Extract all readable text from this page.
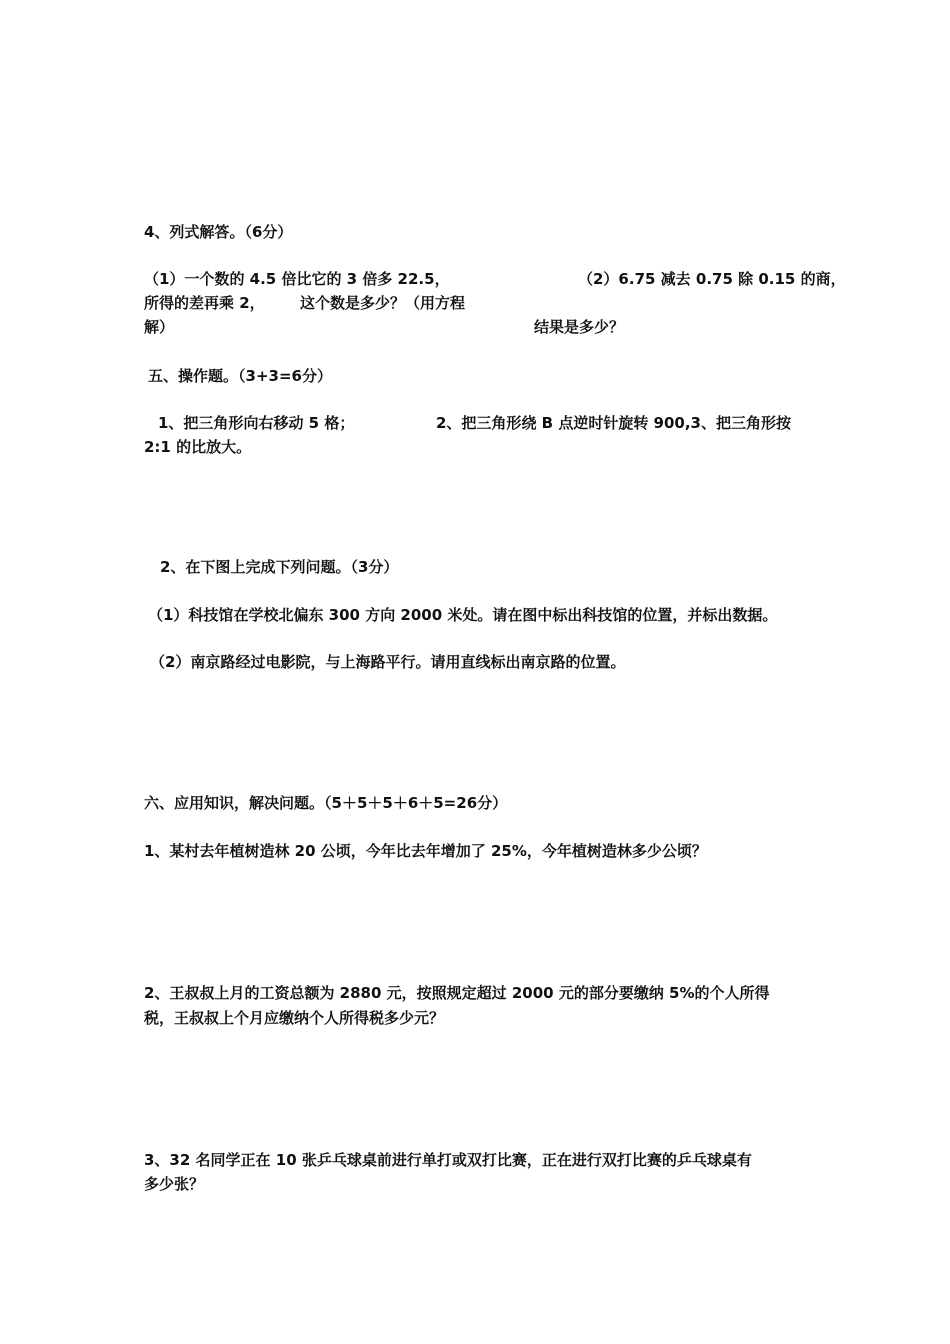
4、列式解答。（6分）
（1）一个数的 4.5 倍比它的 3 倍多 22.5，	（2）6.75 减去 0.75 除 0.15 的商，
所得的差再乘 2， 这个数是多少？（用方程
解）	结果是多少？
五、操作题。（3+3=6分）
1、把三角形向右移动 5 格；	2、把三角形绕 B 点逆时针旋转 900,3、把三角形按
2:1 的比放大。
2、在下图上完成下列问题。（3分）
（1）科技馆在学校北偏东 300 方向 2000 米处。请在图中标出科技馆的位置，并标出数据。
（2）南京路经过电影院，与上海路平行。请用直线标出南京路的位置。
六、应用知识，解决问题。（5＋5＋5＋6＋5=26分）
1、某村去年植树造林 20 公顷，今年比去年增加了 25%，今年植树造林多少公顷？
2、王叔叔上月的工资总额为 2880 元，按照规定超过 2000 元的部分要缴纳 5%的个人所得
税，王叔叔上个月应缴纳个人所得税多少元？
3、32 名同学正在 10 张乒乓球桌前进行单打或双打比赛，正在进行双打比赛的乒乓球桌有
多少张？
